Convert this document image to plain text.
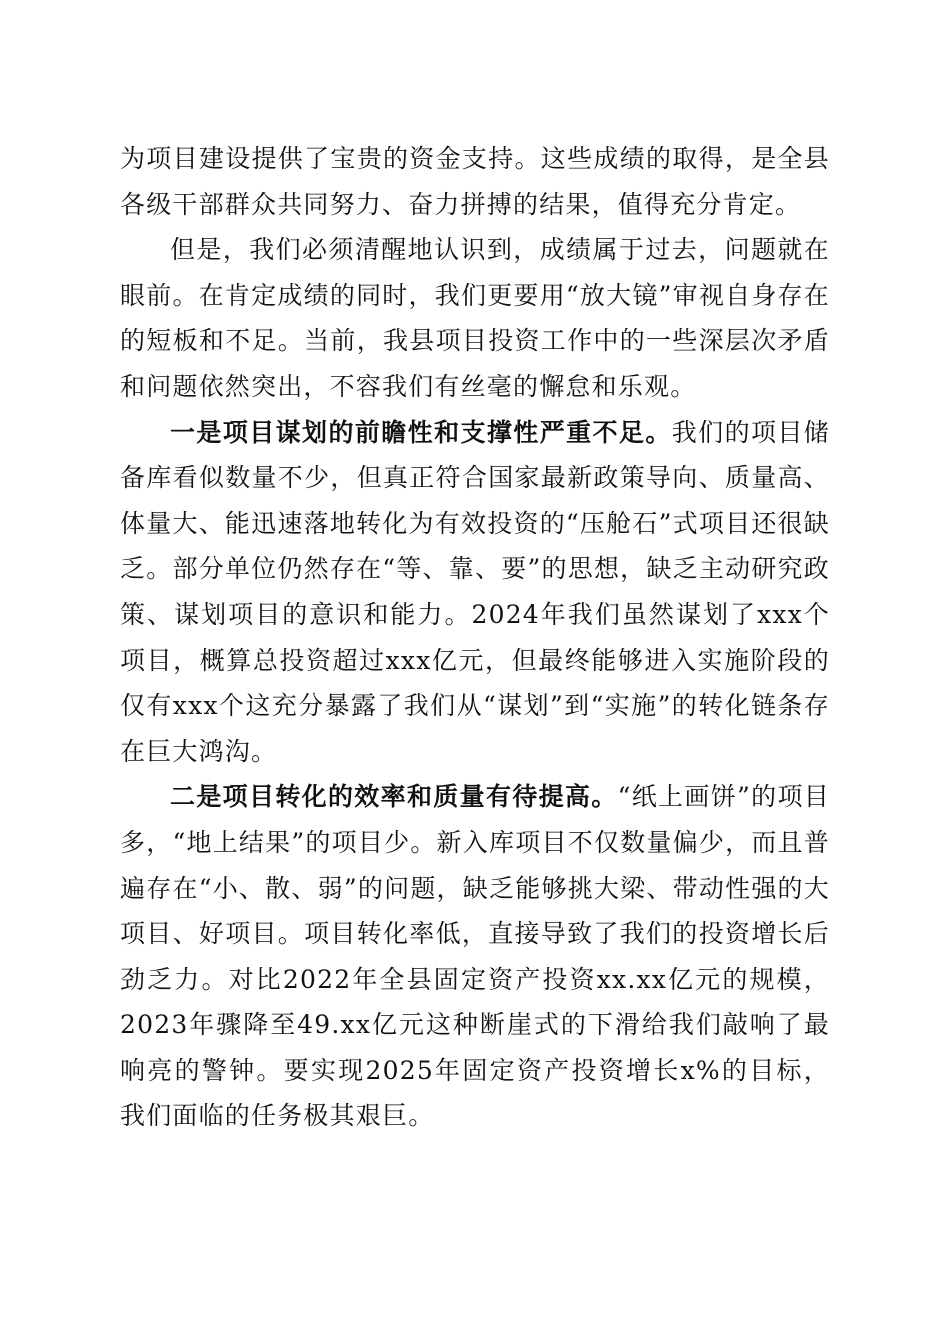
为项目建设提供了宝贵的资金支持。这些成绩的取得，是全县各级干部群众共同努力、奋力拼搏的结果，值得充分肯定。

但是，我们必须清醒地认识到，成绩属于过去，问题就在眼前。在肯定成绩的同时，我们更要用“放大镜”审视自身存在的短板和不足。当前，我县项目投资工作中的一些深层次矛盾和问题依然突出，不容我们有丝毫的懈怠和乐观。

一是项目谋划的前瞻性和支撑性严重不足。我们的项目储备库看似数量不少，但真正符合国家最新政策导向、质量高、体量大、能迅速落地转化为有效投资的“压舱石”式项目还很缺乏。部分单位仍然存在“等、靠、要”的思想，缺乏主动研究政策、谋划项目的意识和能力。2024年我们虽然谋划了xxx个项目，概算总投资超过xxx亿元，但最终能够进入实施阶段的仅有xxx个这充分暴露了我们从“谋划”到“实施”的转化链条存在巨大鸿沟。

二是项目转化的效率和质量有待提高。“纸上画饼”的项目多，“地上结果”的项目少。新入库项目不仅数量偏少，而且普遍存在“小、散、弱”的问题，缺乏能够挑大梁、带动性强的大项目、好项目。项目转化率低，直接导致了我们的投资增长后劲乏力。对比2022年全县固定资产投资xx.xx亿元的规模，2023年骤降至49.xx亿元这种断崖式的下滑给我们敲响了最响亮的警钟。要实现2025年固定资产投资增长x%的目标，我们面临的任务极其艰巨。
